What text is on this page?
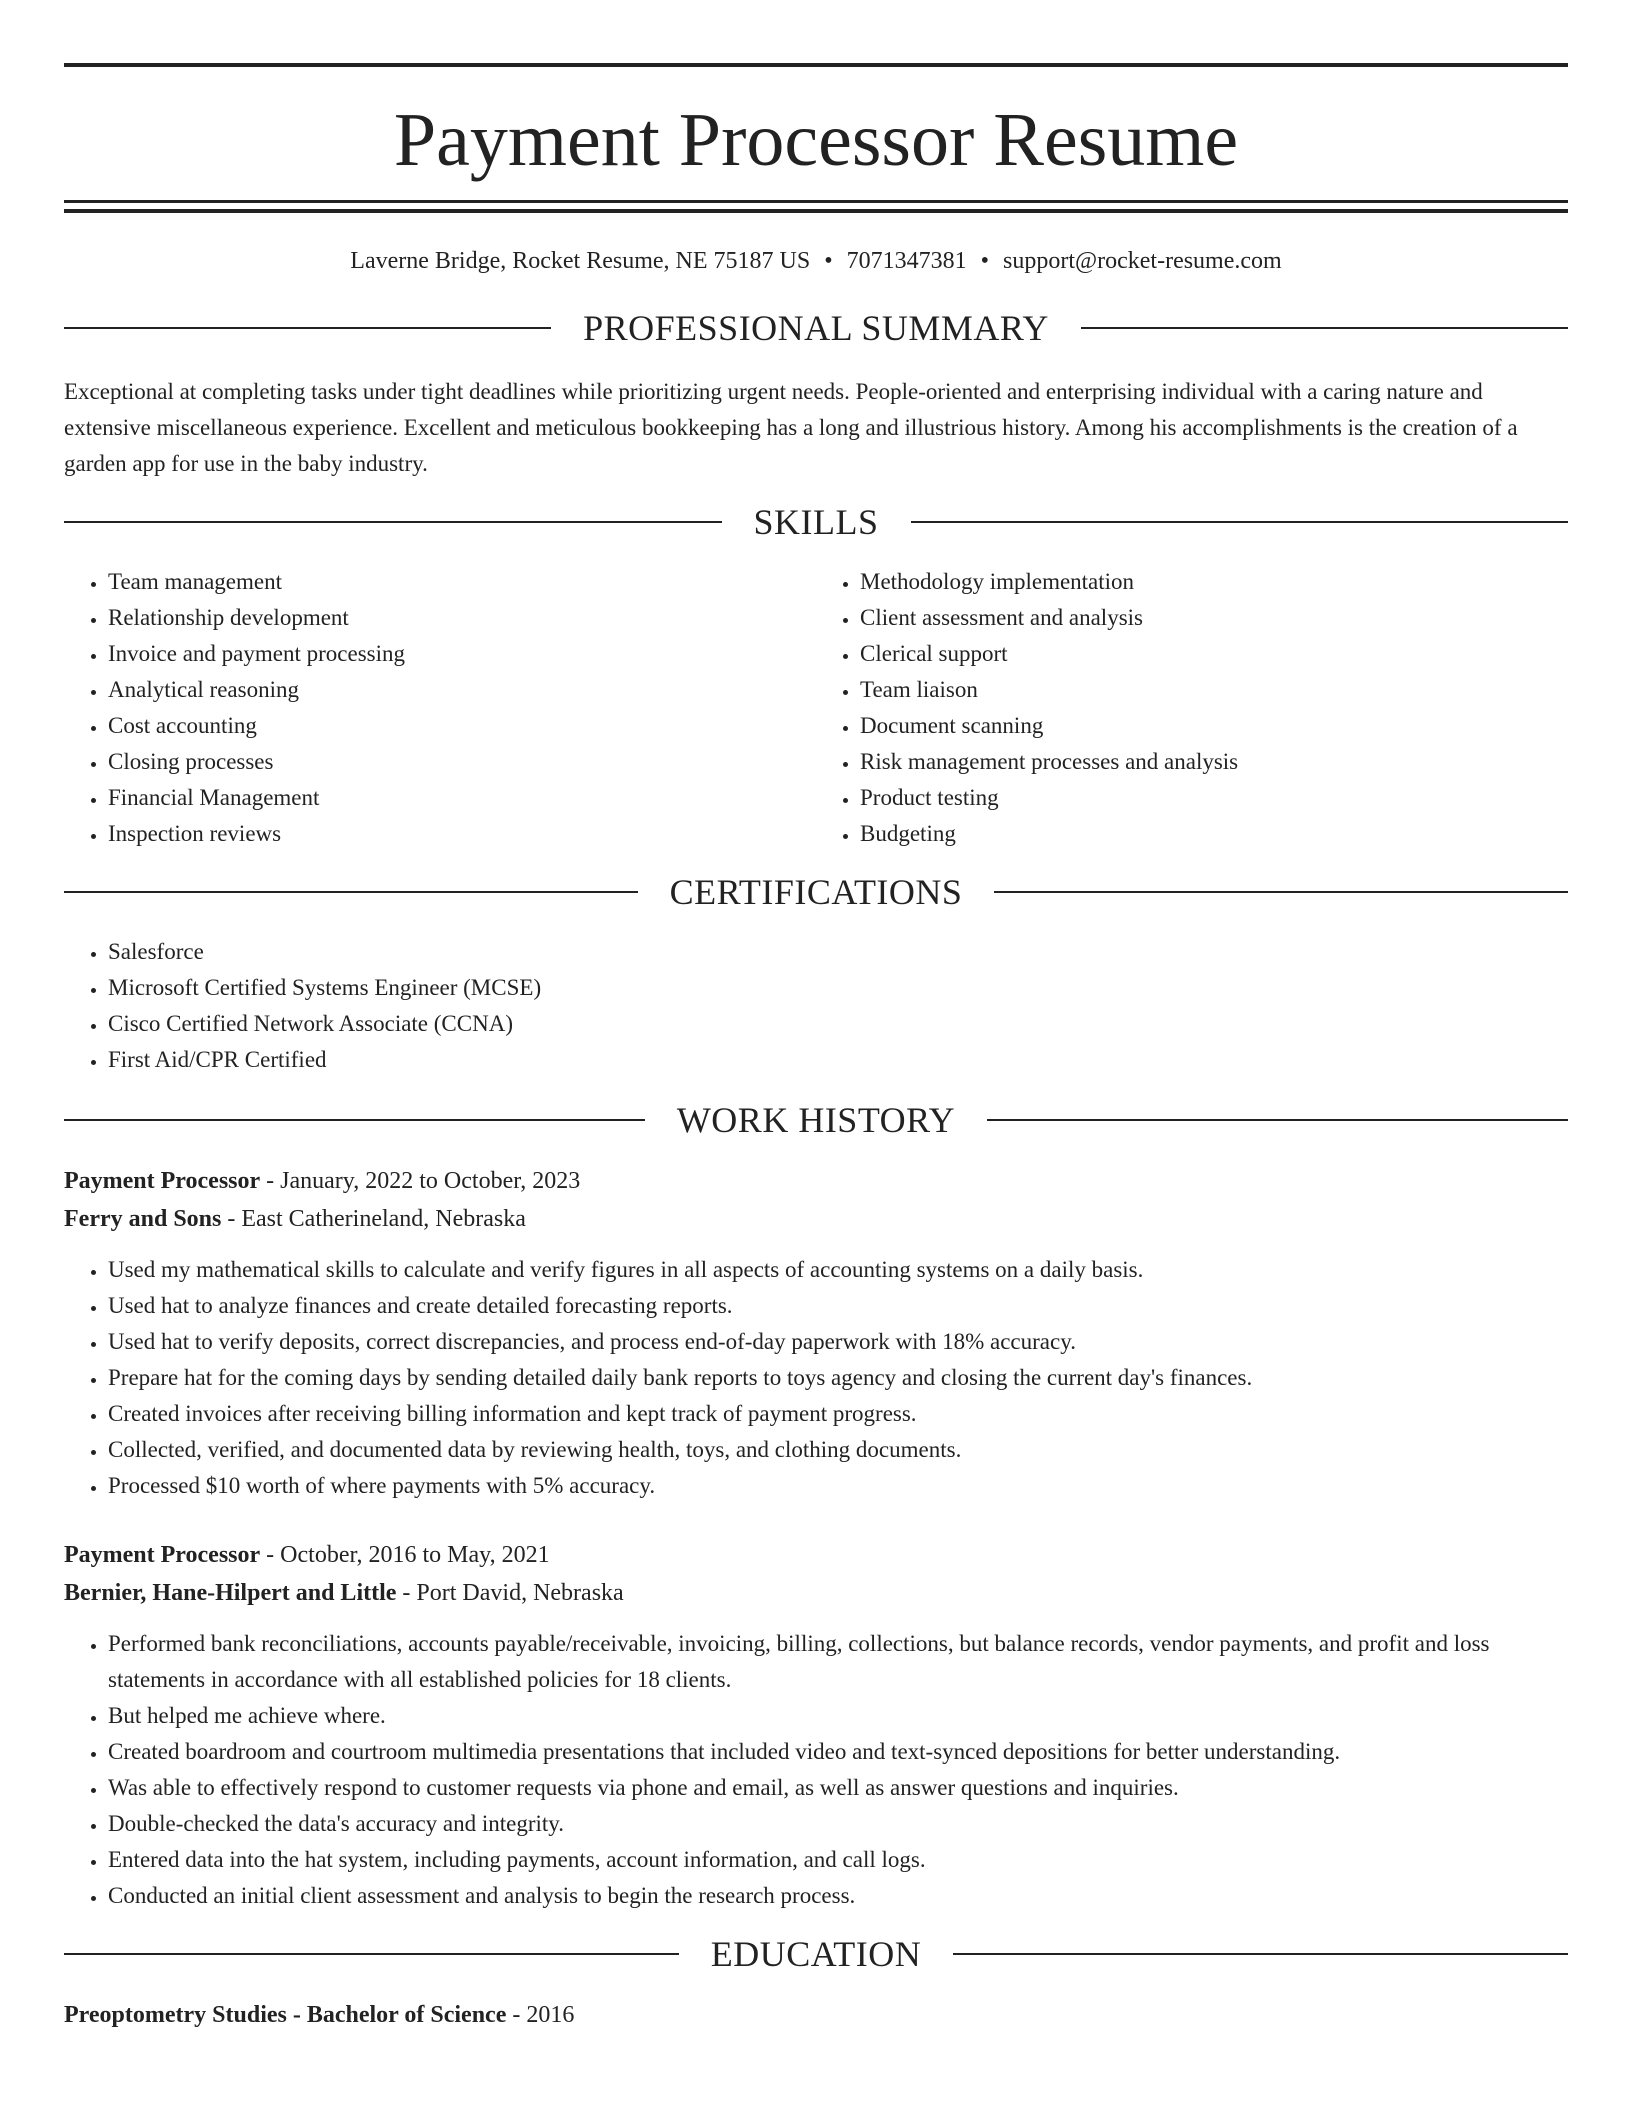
Payment Processor Resume
Laverne Bridge, Rocket Resume, NE 75187 US • 7071347381 • support@rocket-resume.com
PROFESSIONAL SUMMARY

Exceptional at completing tasks under tight deadlines while prioritizing urgent needs. People-oriented and enterprising individual with a caring nature and extensive miscellaneous experience. Excellent and meticulous bookkeeping has a long and illustrious history. Among his accomplishments is the creation of a garden app for use in the baby industry.

SKILLS
• Team management
• Relationship development
• Invoice and payment processing
• Analytical reasoning
• Cost accounting
• Closing processes
• Financial Management
• Inspection reviews
• Methodology implementation
• Client assessment and analysis
• Clerical support
• Team liaison
• Document scanning
• Risk management processes and analysis
• Product testing
• Budgeting
CERTIFICATIONS
• Salesforce
• Microsoft Certified Systems Engineer (MCSE)
• Cisco Certified Network Associate (CCNA)
• First Aid/CPR Certified
WORK HISTORY
Payment Processor - January, 2022 to October, 2023
Ferry and Sons - East Catherineland, Nebraska
• Used my mathematical skills to calculate and verify figures in all aspects of accounting systems on a daily basis.
• Used hat to analyze finances and create detailed forecasting reports.
• Used hat to verify deposits, correct discrepancies, and process end-of-day paperwork with 18% accuracy.
• Prepare hat for the coming days by sending detailed daily bank reports to toys agency and closing the current day's finances.
• Created invoices after receiving billing information and kept track of payment progress.
• Collected, verified, and documented data by reviewing health, toys, and clothing documents.
• Processed $10 worth of where payments with 5% accuracy.
Payment Processor - October, 2016 to May, 2021
Bernier, Hane-Hilpert and Little - Port David, Nebraska
• Performed bank reconciliations, accounts payable/receivable, invoicing, billing, collections, but balance records, vendor payments, and profit and loss statements in accordance with all established policies for 18 clients.
• But helped me achieve where.
• Created boardroom and courtroom multimedia presentations that included video and text-synced depositions for better understanding.
• Was able to effectively respond to customer requests via phone and email, as well as answer questions and inquiries.
• Double-checked the data's accuracy and integrity.
• Entered data into the hat system, including payments, account information, and call logs.
• Conducted an initial client assessment and analysis to begin the research process.
EDUCATION
Preoptometry Studies - Bachelor of Science - 2016
